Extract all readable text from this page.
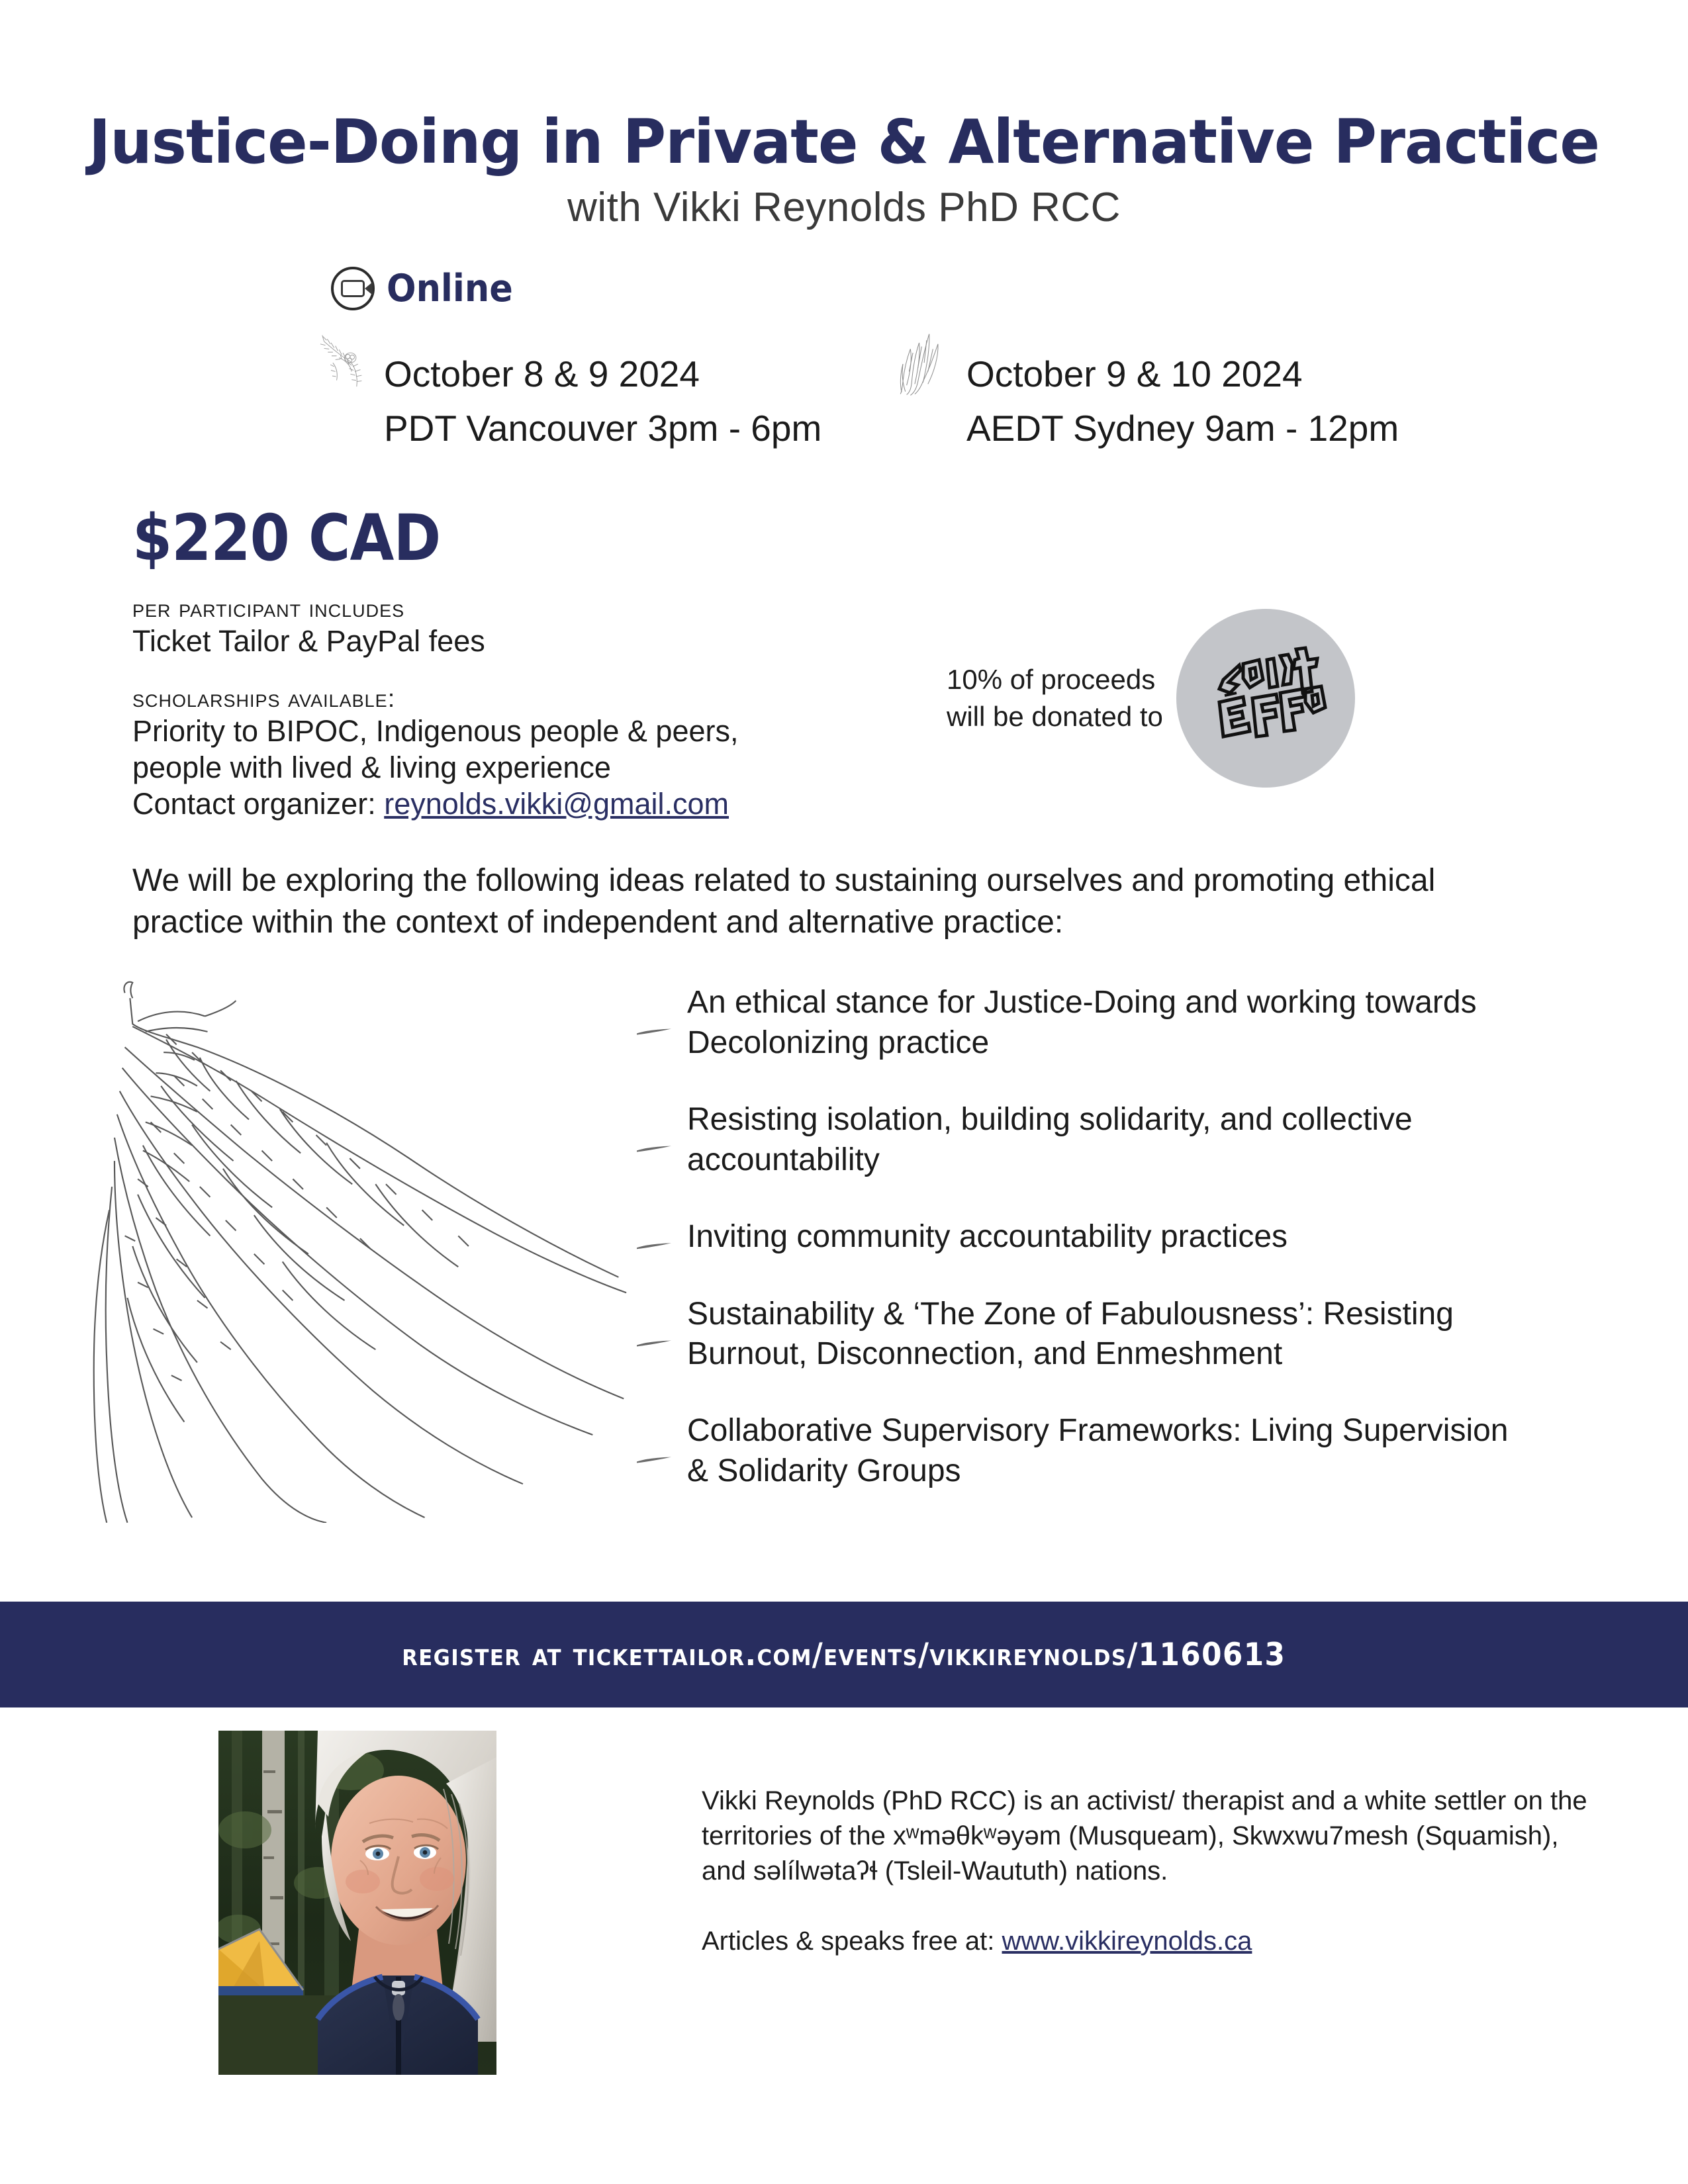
Justice-Doing in Private & Alternative Practice
with Vikki Reynolds PhD RCC
Online
October 8 & 9 2024
PDT Vancouver 3pm - 6pm
October 9 & 10 2024
AEDT Sydney 9am - 12pm
$220 CAD
per participant includes
Ticket Tailor & PayPal fees
scholarships available:
Priority to BIPOC, Indigenous people & peers,
people with lived & living experience
Contact organizer: reynolds.vikki@gmail.com
10% of proceeds
will be donated to
We will be exploring the following ideas related to sustaining ourselves and promoting ethical practice within the context of independent and alternative practice:
An ethical stance for Justice-Doing and working towards Decolonizing practice
Resisting isolation, building solidarity, and collective accountability
Inviting community accountability practices
Sustainability & ‘The Zone of Fabulousness’: Resisting Burnout, Disconnection, and Enmeshment
Collaborative Supervisory Frameworks: Living Supervision & Solidarity Groups
register at tickettailor.com/events/vikkireynolds/1160613
Vikki Reynolds (PhD RCC) is an activist/ therapist and a white settler on the territories of the xʷməθkʷəyəm (Musqueam), Skwxwu7mesh (Squamish), and səlílwətaʔɬ (Tsleil-Waututh) nations.
Articles & speaks free at: www.vikkireynolds.ca
